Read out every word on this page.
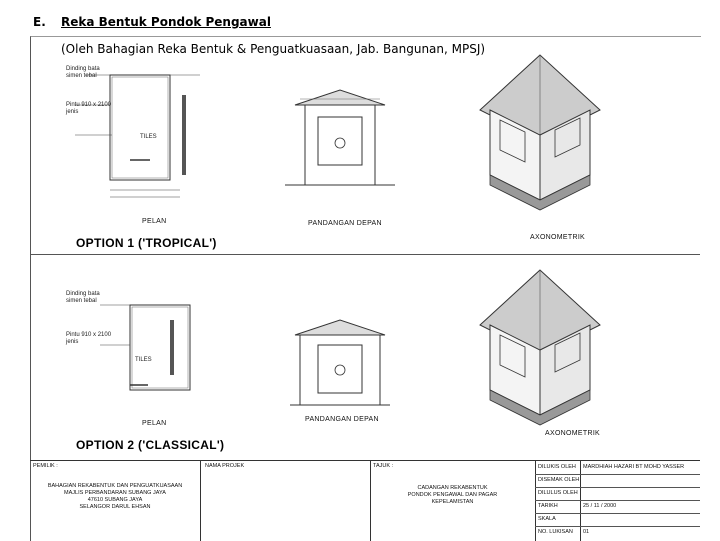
E. Reka Bentuk Pondok Pengawal
(Oleh Bahagian Reka Bentuk & Penguatkuasaan, Jab. Bangunan, MPSJ)
Dinding bata simen tebal
Pintu 910 x 2100 jenis
TILES
PELAN	PANDANGAN DEPAN
AXONOMETRIK
OPTION 1 ('TROPICAL')
Dinding bata simen tebal
Pintu 910 x 2100 jenis
TILES
PELAN
PANDANGAN DEPAN
AXONOMETRIK
OPTION 2 ('CLASSICAL')
PEMILIK :
BAHAGIAN REKABENTUK DAN PENGUATKUASAAN
MAJLIS PERBANDARAN SUBANG JAYA
47610 SUBANG JAYA
SELANGOR DARUL EHSAN
NAMA PROJEK	TAJUK :
CADANGAN REKABENTUK
PONDOK PENGAWAL DAN PAGAR
KEPELAMISTAN
DILUKIS OLEH MARDHIAH HAZARI BT MOHD YASSER
DISEMAK OLEH
DILULUS OLEH
TARIKH	25 / 11 / 2000
SKALA
NO. LUKISAN 01
